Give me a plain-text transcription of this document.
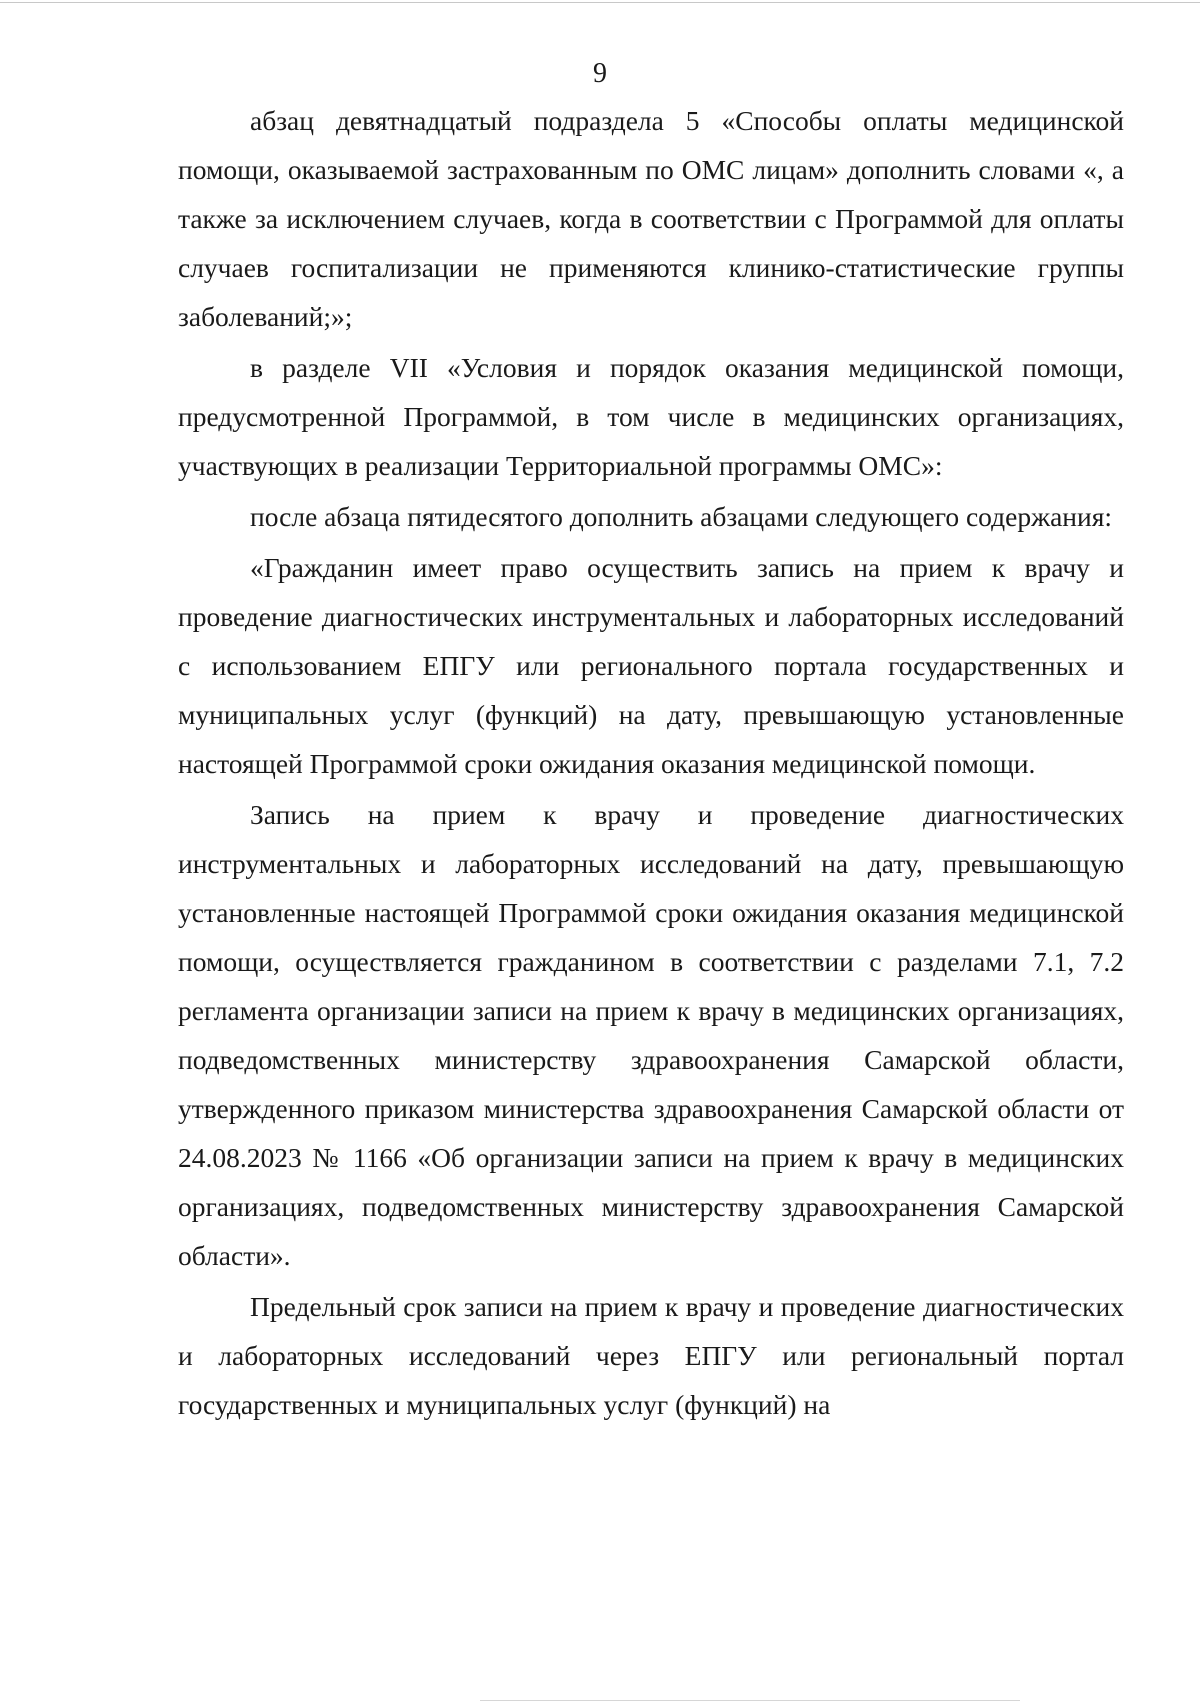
9

абзац девятнадцатый подраздела 5 «Способы оплаты медицинской помощи, оказываемой застрахованным по ОМС лицам» дополнить словами «, а также за исключением случаев, когда в соответствии с Программой для оплаты случаев госпитализации не применяются клинико-статистические группы заболеваний;»;

в разделе VII «Условия и порядок оказания медицинской помощи, предусмотренной Программой, в том числе в медицинских организациях, участвующих в реализации Территориальной программы ОМС»:

после абзаца пятидесятого дополнить абзацами следующего содержания:

«Гражданин имеет право осуществить запись на прием к врачу и проведение диагностических инструментальных и лабораторных исследований с использованием ЕПГУ или регионального портала государственных и муниципальных услуг (функций) на дату, превышающую установленные настоящей Программой сроки ожидания оказания медицинской помощи.

Запись на прием к врачу и проведение диагностических инструментальных и лабораторных исследований на дату, превышающую установленные настоящей Программой сроки ожидания оказания медицинской помощи, осуществляется гражданином в соответствии с разделами 7.1, 7.2 регламента организации записи на прием к врачу в медицинских организациях, подведомственных министерству здравоохранения Самарской области, утвержденного приказом министерства здравоохранения Самарской области от 24.08.2023 № 1166 «Об организации записи на прием к врачу в медицинских организациях, подведомственных министерству здравоохранения Самарской области».

Предельный срок записи на прием к врачу и проведение диагностических и лабораторных исследований через ЕПГУ или региональный портал государственных и муниципальных услуг (функций) на
